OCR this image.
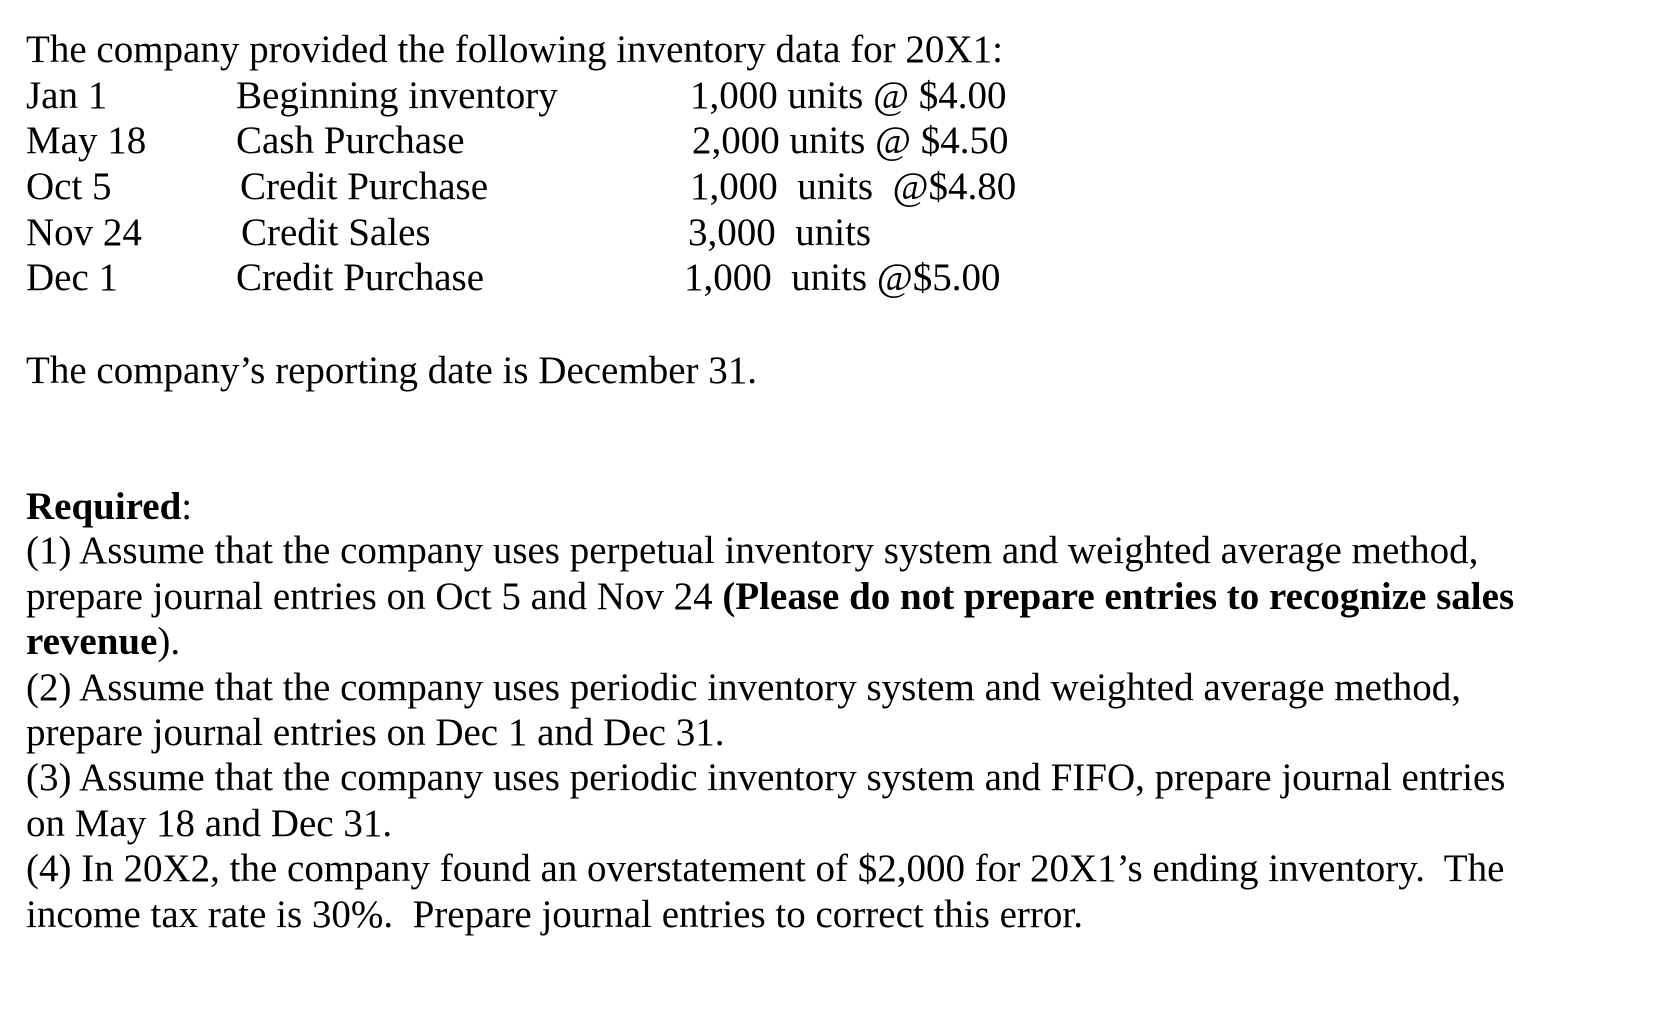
The company provided the following inventory data for 20X1:
Jan 1	Beginning inventory	1,000 units @ $4.00
May 18 Cash Purchase	2,000 units @ $4.50
Oct 5	Credit Purchase	1,000  units  @$4.80
Nov 24	Credit Sales	3,000  units
Dec 1	Credit Purchase	1,000  units @$5.00
The company’s reporting date is December 31.
Required:
(1) Assume that the company uses perpetual inventory system and weighted average method,
prepare journal entries on Oct 5 and Nov 24 (Please do not prepare entries to recognize sales
revenue).
(2) Assume that the company uses periodic inventory system and weighted average method,
prepare journal entries on Dec 1 and Dec 31.
(3) Assume that the company uses periodic inventory system and FIFO, prepare journal entries
on May 18 and Dec 31.
(4) In 20X2, the company found an overstatement of $2,000 for 20X1’s ending inventory.  The
income tax rate is 30%.  Prepare journal entries to correct this error.
